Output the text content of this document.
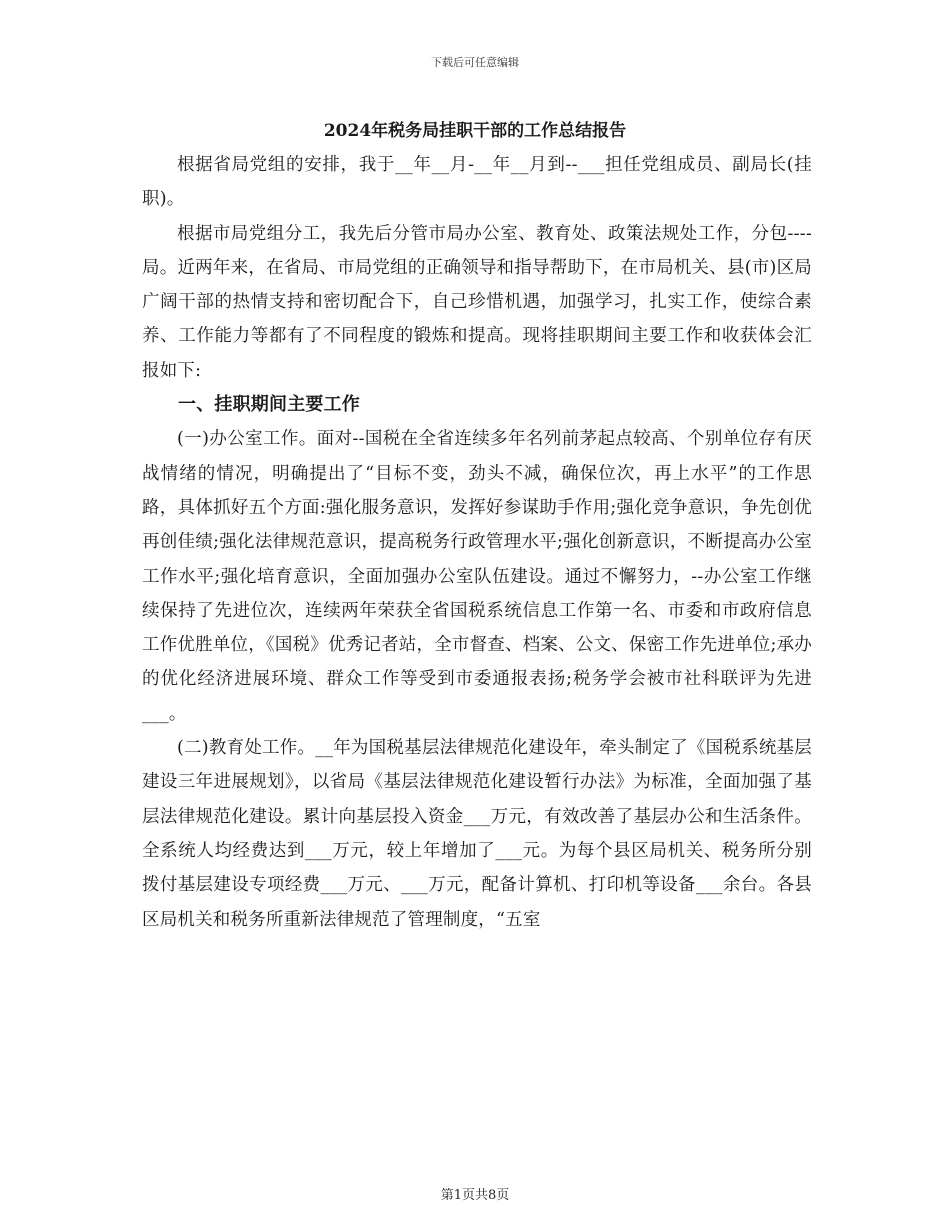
下载后可任意编辑
2024年税务局挂职干部的工作总结报告

根据省局党组的安排，我于__年__月-__年__月到--___担任党组成员、副局长(挂职)。

根据市局党组分工，我先后分管市局办公室、教育处、政策法规处工作，分包----局。近两年来，在省局、市局党组的正确领导和指导帮助下，在市局机关、县(市)区局广阔干部的热情支持和密切配合下，自己珍惜机遇，加强学习，扎实工作，使综合素养、工作能力等都有了不同程度的锻炼和提高。现将挂职期间主要工作和收获体会汇报如下:

一、挂职期间主要工作

(一)办公室工作。面对--国税在全省连续多年名列前茅起点较高、个别单位存有厌战情绪的情况，明确提出了“目标不变，劲头不减，确保位次，再上水平”的工作思路，具体抓好五个方面:强化服务意识，发挥好参谋助手作用;强化竞争意识，争先创优再创佳绩;强化法律规范意识，提高税务行政管理水平;强化创新意识，不断提高办公室工作水平;强化培育意识，全面加强办公室队伍建设。通过不懈努力，--办公室工作继续保持了先进位次，连续两年荣获全省国税系统信息工作第一名、市委和市政府信息工作优胜单位，《国税》优秀记者站，全市督查、档案、公文、保密工作先进单位;承办的优化经济进展环境、群众工作等受到市委通报表扬;税务学会被市社科联评为先进___。

(二)教育处工作。__年为国税基层法律规范化建设年，牵头制定了《国税系统基层建设三年进展规划》，以省局《基层法律规范化建设暂行办法》为标准，全面加强了基层法律规范化建设。累计向基层投入资金___万元，有效改善了基层办公和生活条件。全系统人均经费达到___万元，较上年增加了___元。为每个县区局机关、税务所分别拨付基层建设专项经费___万元、___万元，配备计算机、打印机等设备___余台。各县区局机关和税务所重新法律规范了管理制度，“五室

第1页共8页
